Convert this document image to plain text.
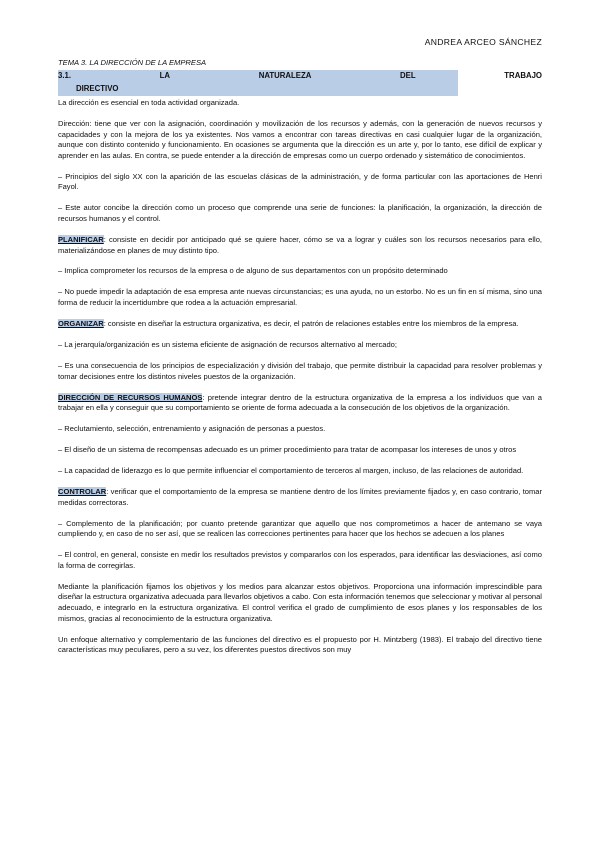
ANDREA ARCEO SÁNCHEZ
TEMA 3. LA DIRECCIÓN DE LA EMPRESA
3.1.	LA	NATURALEZA	DEL	TRABAJO
DIRECTIVO

La dirección es esencial en toda actividad organizada.

Dirección: tiene que ver con la asignación, coordinación y movilización de los recursos y además, con la generación de nuevos recursos y capacidades y con la mejora de los ya existentes. Nos vamos a encontrar con tareas directivas en casi cualquier lugar de la organización, aunque con distinto contenido y funcionamiento. En ocasiones se argumenta que la dirección es un arte y, por lo tanto, ese difícil de explicar y aprender en las aulas. En contra, se puede entender a la dirección de empresas como un cuerpo ordenado y sistemático de conocimientos.

– Principios del siglo XX con la aparición de las escuelas clásicas de la administración, y de forma particular con las aportaciones de Henri Fayol.

– Este autor concibe la dirección como un proceso que comprende una serie de funciones: la planificación, la organización, la dirección de recursos humanos y el control.

PLANIFICAR: consiste en decidir por anticipado qué se quiere hacer, cómo se va a lograr y cuáles son los recursos necesarios para ello, materializándose en planes de muy distinto tipo.

– Implica comprometer los recursos de la empresa o de alguno de sus departamentos con un propósito determinado

– No puede impedir la adaptación de esa empresa ante nuevas circunstancias; es una ayuda, no un estorbo. No es un fin en sí misma, sino una forma de reducir la incertidumbre que rodea a la actuación empresarial.

ORGANIZAR: consiste en diseñar la estructura organizativa, es decir, el patrón de relaciones estables entre los miembros de la empresa.

– La jerarquía/organización es un sistema eficiente de asignación de recursos alternativo al mercado;

– Es una consecuencia de los principios de especialización y división del trabajo, que permite distribuir la capacidad para resolver problemas y tomar decisiones entre los distintos niveles puestos de la organización.

DIRECCIÓN DE RECURSOS HUMANOS: pretende integrar dentro de la estructura organizativa de la empresa a los individuos que van a trabajar en ella y conseguir que su comportamiento se oriente de forma adecuada a la consecución de los objetivos de la organización.

– Reclutamiento, selección, entrenamiento y asignación de personas a puestos.

– El diseño de un sistema de recompensas adecuado es un primer procedimiento para tratar de acompasar los intereses de unos y otros

– La capacidad de liderazgo es lo que permite influenciar el comportamiento de terceros al margen, incluso, de las relaciones de autoridad.

CONTROLAR: verificar que el comportamiento de la empresa se mantiene dentro de los límites previamente fijados y, en caso contrario, tomar medidas correctoras.

– Complemento de la planificación; por cuanto pretende garantizar que aquello que nos comprometimos a hacer de antemano se vaya cumpliendo y, en caso de no ser así, que se realicen las correcciones pertinentes para hacer que los hechos se adecuen a los planes

– El control, en general, consiste en medir los resultados previstos y compararlos con los esperados, para identificar las desviaciones, así como la forma de corregirlas.

Mediante la planificación fijamos los objetivos y los medios para alcanzar estos objetivos. Proporciona una información imprescindible para diseñar la estructura organizativa adecuada para llevarlos objetivos a cabo. Con esta información tenemos que seleccionar y motivar al personal adecuado, e integrarlo en la estructura organizativa. El control verifica el grado de cumplimiento de esos planes y los responsables de los mismos, gracias al reconocimiento de la estructura organizativa.

Un enfoque alternativo y complementario de las funciones del directivo es el propuesto por H. Mintzberg (1983). El trabajo del directivo tiene características muy peculiares, pero a su vez, los diferentes puestos directivos son muy
